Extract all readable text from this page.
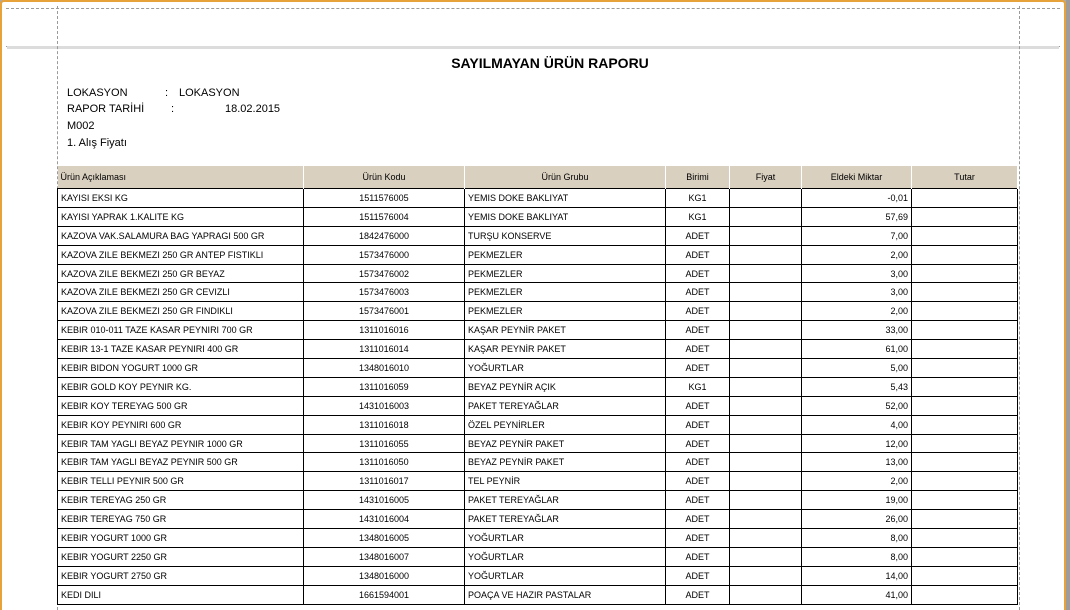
SAYILMAYAN ÜRÜN RAPORU
LOKASYON	: LOKASYON
RAPOR TARİHİ :	18.02.2015
M002
1. Alış Fiyatı
Ürün Açıklaması	Ürün Kodu	Ürün Grubu	Birimi	Fiyat	Eldeki Miktar	Tutar
KAYISI EKSI KG	1511576005	YEMIS DOKE BAKLIYAT	KG1		-0,01	
KAYISI YAPRAK 1.KALITE KG	1511576004	YEMIS DOKE BAKLIYAT	KG1		57,69	
KAZOVA VAK.SALAMURA BAG YAPRAGI 500 GR	1842476000	TURŞU KONSERVE	ADET		7,00	
KAZOVA ZILE BEKMEZI 250 GR ANTEP FISTIKLI	1573476000	PEKMEZLER	ADET		2,00	
KAZOVA ZILE BEKMEZI 250 GR BEYAZ	1573476002	PEKMEZLER	ADET		3,00	
KAZOVA ZILE BEKMEZI 250 GR CEVIZLI	1573476003	PEKMEZLER	ADET		3,00	
KAZOVA ZILE BEKMEZI 250 GR FINDIKLI	1573476001	PEKMEZLER	ADET		2,00	
KEBIR 010-011 TAZE KASAR PEYNIRI 700 GR	1311016016	KAŞAR PEYNİR PAKET	ADET		33,00	
KEBIR 13-1 TAZE KASAR PEYNIRI 400 GR	1311016014	KAŞAR PEYNİR PAKET	ADET		61,00	
KEBIR BIDON YOGURT 1000 GR	1348016010	YOĞURTLAR	ADET		5,00	
KEBIR GOLD KOY PEYNIR KG.	1311016059	BEYAZ PEYNİR AÇIK	KG1		5,43	
KEBIR KOY TEREYAG 500 GR	1431016003	PAKET TEREYAĞLAR	ADET		52,00	
KEBIR KOY PEYNIRI 600 GR	1311016018	ÖZEL PEYNİRLER	ADET		4,00	
KEBIR TAM YAGLI BEYAZ PEYNIR 1000 GR	1311016055	BEYAZ PEYNİR PAKET	ADET		12,00	
KEBIR TAM YAGLI BEYAZ PEYNIR 500 GR	1311016050	BEYAZ PEYNİR PAKET	ADET		13,00	
KEBIR TELLI PEYNIR 500 GR	1311016017	TEL PEYNİR	ADET		2,00	
KEBIR TEREYAG 250 GR	1431016005	PAKET TEREYAĞLAR	ADET		19,00	
KEBIR TEREYAG 750 GR	1431016004	PAKET TEREYAĞLAR	ADET		26,00	
KEBIR YOGURT 1000 GR	1348016005	YOĞURTLAR	ADET		8,00	
KEBIR YOGURT 2250 GR	1348016007	YOĞURTLAR	ADET		8,00	
KEBIR YOGURT 2750 GR	1348016000	YOĞURTLAR	ADET		14,00	
KEDI DILI	1661594001	POAÇA VE HAZIR PASTALAR	ADET		41,00	
